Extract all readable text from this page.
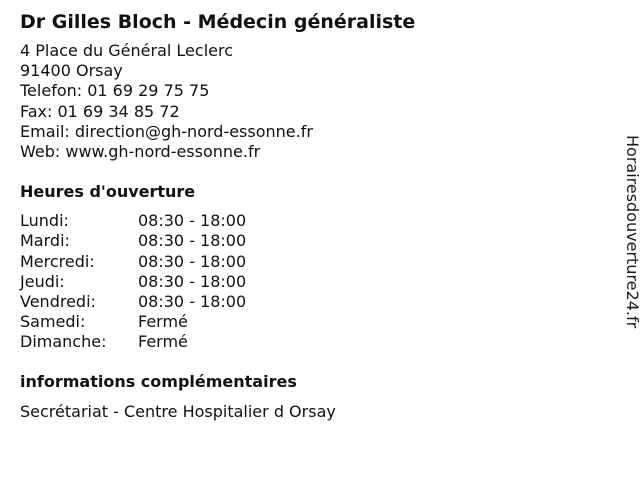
Dr Gilles Bloch - Médecin généraliste
4 Place du Général Leclerc
91400 Orsay
Telefon: 01 69 29 75 75
Fax: 01 69 34 85 72
Email: direction@gh-nord-essonne.fr
Web: www.gh-nord-essonne.fr
Heures d'ouverture
Lundi:	08:30 - 18:00
Mardi:	08:30 - 18:00
Mercredi:	08:30 - 18:00
Jeudi:	08:30 - 18:00
Vendredi:	08:30 - 18:00
Samedi:	Fermé
Dimanche:	Fermé
informations complémentaires
Secrétariat - Centre Hospitalier d Orsay
Horairesdouverture24.fr
